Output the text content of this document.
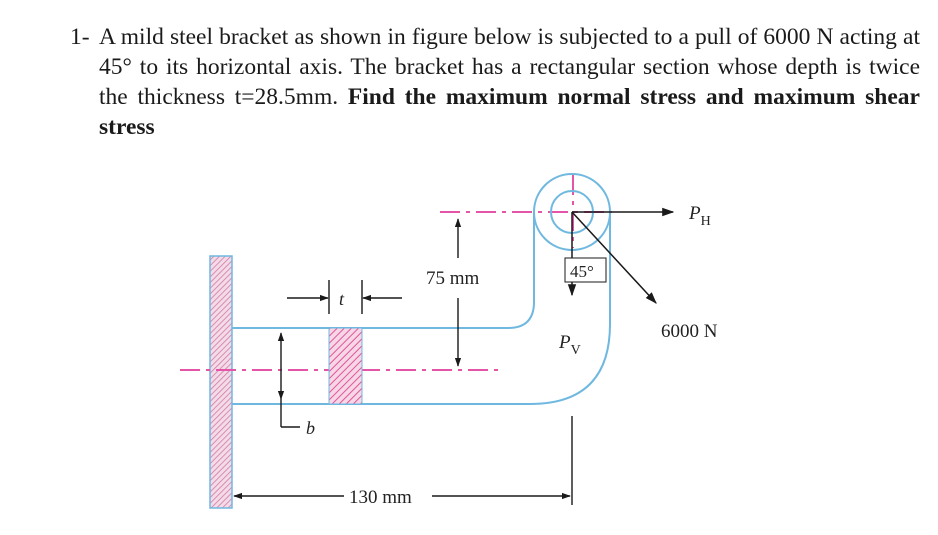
1- A mild steel bracket as shown in figure below is subjected to a pull of 6000 N acting at 45° to its horizontal axis. The bracket has a rectangular section whose depth is twice the thickness t=28.5mm. Find the maximum normal stress and maximum shear stress
t
b
75 mm
130 mm
45°
$P_H$
$P_V$
6000 N
